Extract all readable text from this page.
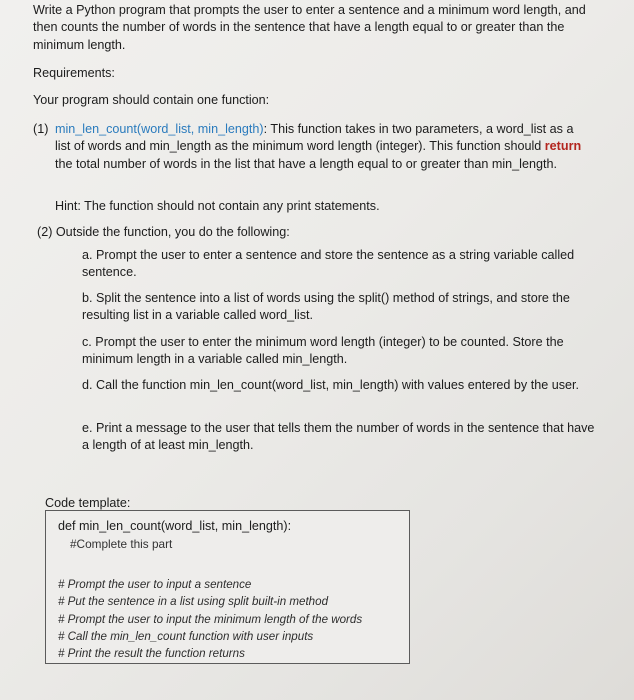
Write a Python program that prompts the user to enter a sentence and a minimum word length, and then counts the number of words in the sentence that have a length equal to or greater than the minimum length.

Requirements:

Your program should contain one function:

(1) min_len_count(word_list, min_length): This function takes in two parameters, a word_list as a list of words and min_length as the minimum word length (integer). This function should return the total number of words in the list that have a length equal to or greater than min_length.

Hint: The function should not contain any print statements.

(2) Outside the function, you do the following:

a. Prompt the user to enter a sentence and store the sentence as a string variable called sentence.

b. Split the sentence into a list of words using the split() method of strings, and store the resulting list in a variable called word_list.

c. Prompt the user to enter the minimum word length (integer) to be counted. Store the minimum length in a variable called min_length.

d. Call the function min_len_count(word_list, min_length) with values entered by the user.

e. Print a message to the user that tells them the number of words in the sentence that have a length of at least min_length.

Code template:

def min_len_count(word_list, min_length):
#Complete this part
# Prompt the user to input a sentence
# Put the sentence in a list using split built-in method
# Prompt the user to input the minimum length of the words
# Call the min_len_count function with user inputs
# Print the result the function returns
